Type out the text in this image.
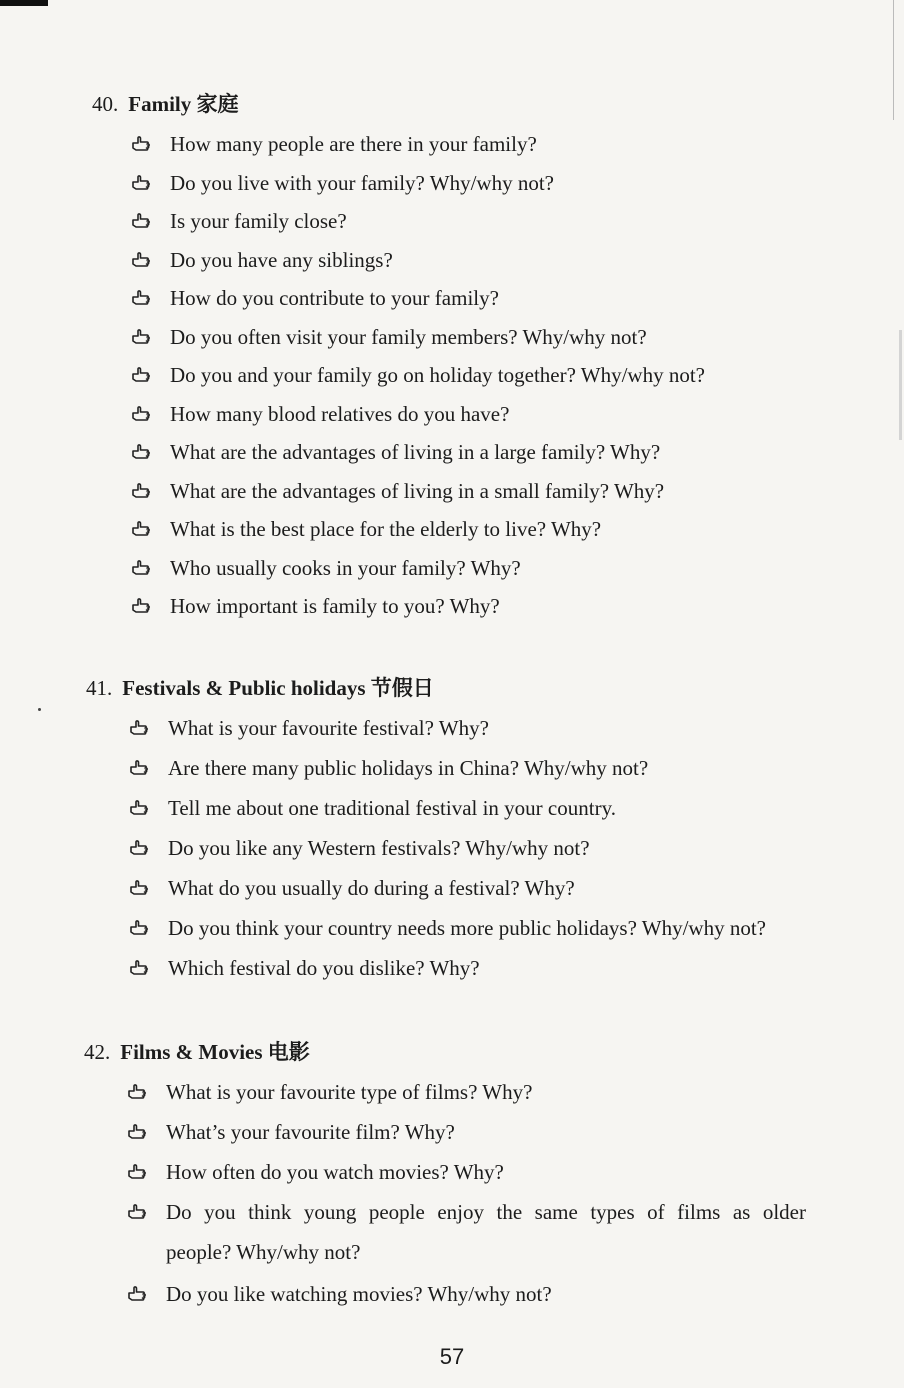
40. Family 家庭
How many people are there in your family?
Do you live with your family? Why/why not?
Is your family close?
Do you have any siblings?
How do you contribute to your family?
Do you often visit your family members? Why/why not?
Do you and your family go on holiday together? Why/why not?
How many blood relatives do you have?
What are the advantages of living in a large family? Why?
What are the advantages of living in a small family? Why?
What is the best place for the elderly to live? Why?
Who usually cooks in your family? Why?
How important is family to you? Why?
41. Festivals & Public holidays 节假日
What is your favourite festival? Why?
Are there many public holidays in China? Why/why not?
Tell me about one traditional festival in your country.
Do you like any Western festivals? Why/why not?
What do you usually do during a festival? Why?
Do you think your country needs more public holidays? Why/why not?
Which festival do you dislike? Why?
42. Films & Movies 电影
What is your favourite type of films? Why?
What’s your favourite film? Why?
How often do you watch movies? Why?
Do you think young people enjoy the same types of films as older
Do you like watching movies? Why/why not?
people? Why/why not?
57
